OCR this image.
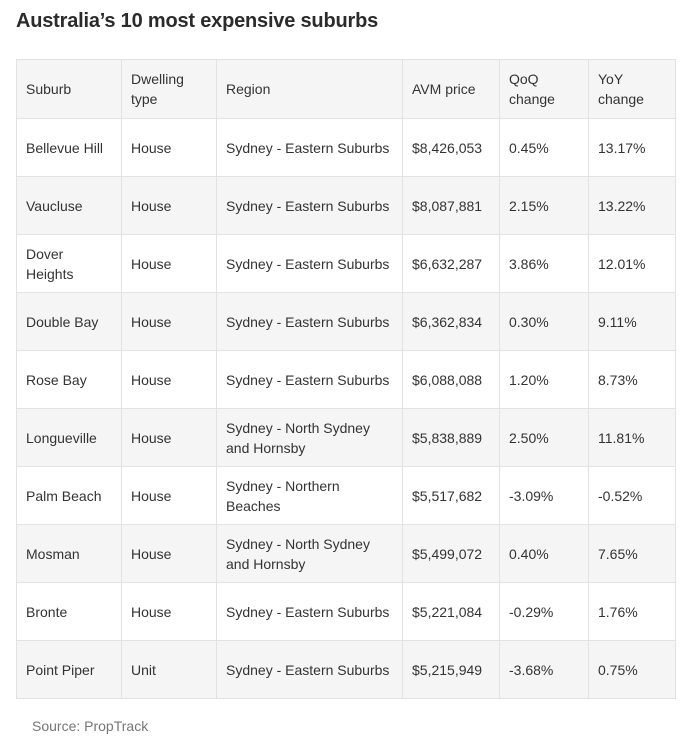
Australia’s 10 most expensive suburbs
Suburb	Dwelling type	Region	AVM price	QoQ change	YoY change
Bellevue Hill	House	Sydney - Eastern Suburbs	$8,426,053	0.45%	13.17%
Vaucluse	House	Sydney - Eastern Suburbs	$8,087,881	2.15%	13.22%
Dover Heights	House	Sydney - Eastern Suburbs	$6,632,287	3.86%	12.01%
Double Bay	House	Sydney - Eastern Suburbs	$6,362,834	0.30%	9.11%
Rose Bay	House	Sydney - Eastern Suburbs	$6,088,088	1.20%	8.73%
Longueville	House	Sydney - North Sydney and Hornsby	$5,838,889	2.50%	11.81%
Palm Beach	House	Sydney - Northern Beaches	$5,517,682	-3.09%	-0.52%
Mosman	House	Sydney - North Sydney and Hornsby	$5,499,072	0.40%	7.65%
Bronte	House	Sydney - Eastern Suburbs	$5,221,084	-0.29%	1.76%
Point Piper	Unit	Sydney - Eastern Suburbs	$5,215,949	-3.68%	0.75%
Source: PropTrack
